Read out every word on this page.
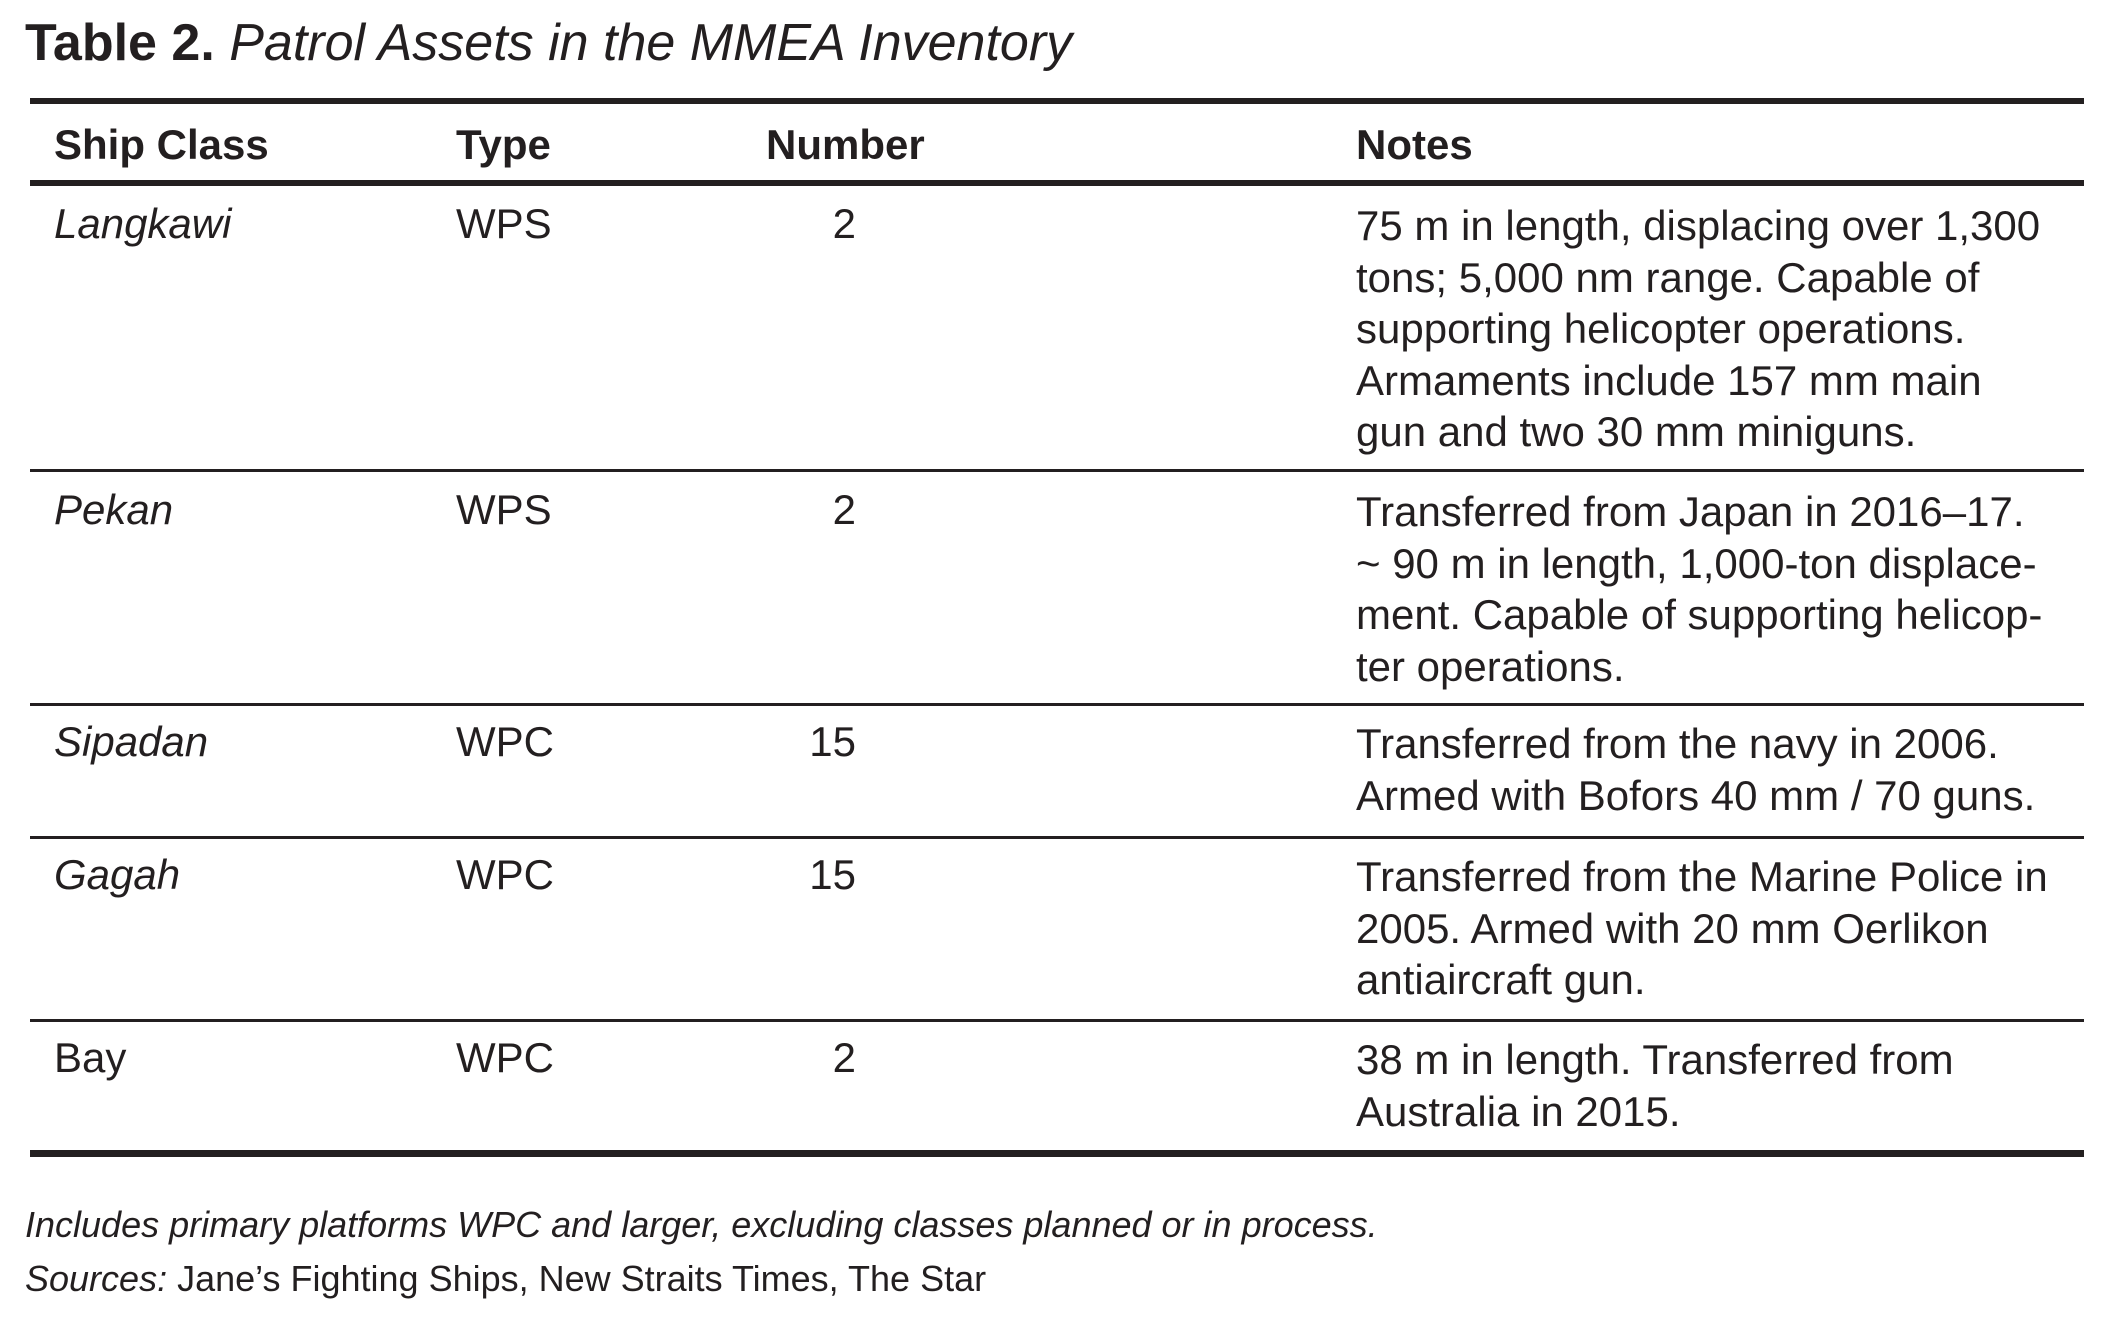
Table 2. Patrol Assets in the MMEA Inventory
Ship Class	Type	Number	Notes
Langkawi	WPS	2	75 m in length, displacing over 1,300
tons; 5,000 nm range. Capable of
supporting helicopter operations.
Armaments include 157 mm main
gun and two 30 mm miniguns.
Pekan	WPS	2	Transferred from Japan in 2016–17.
~ 90 m in length, 1,000-ton displace-
ment. Capable of supporting helicop-
ter operations.
Sipadan	WPC	15	Transferred from the navy in 2006.
Armed with Bofors 40 mm / 70 guns.
Gagah	WPC	15	Transferred from the Marine Police in
2005. Armed with 20 mm Oerlikon
antiaircraft gun.
Bay	WPC	2	38 m in length. Transferred from
Australia in 2015.
Includes primary platforms WPC and larger, excluding classes planned or in process.
Sources: Jane’s Fighting Ships, New Straits Times, The Star
